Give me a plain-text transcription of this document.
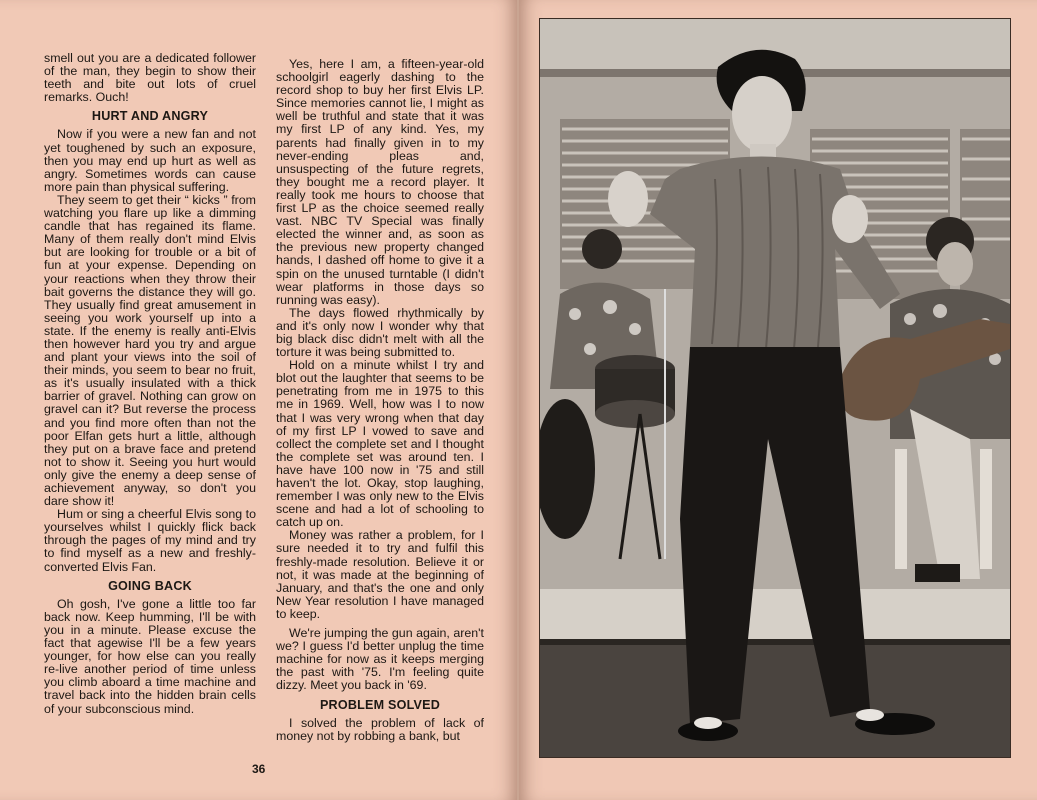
smell out you are a dedicated follower of the man, they begin to show their teeth and bite out lots of cruel remarks. Ouch!

HURT AND ANGRY

Now if you were a new fan and not yet toughened by such an exposure, then you may end up hurt as well as angry. Sometimes words can cause more pain than physical suffering.

They seem to get their “ kicks ” from watching you flare up like a dimming candle that has regained its flame. Many of them really don't mind Elvis but are looking for trouble or a bit of fun at your expense. Depending on your reactions when they throw their bait governs the distance they will go. They usually find great amusement in seeing you work yourself up into a state. If the enemy is really anti-Elvis then however hard you try and argue and plant your views into the soil of their minds, you seem to bear no fruit, as it's usually insulated with a thick barrier of gravel. Nothing can grow on gravel can it? But reverse the process and you find more often than not the poor Elfan gets hurt a little, although they put on a brave face and pretend not to show it. Seeing you hurt would only give the enemy a deep sense of achievement anyway, so don't you dare show it!

Hum or sing a cheerful Elvis song to yourselves whilst I quickly flick back through the pages of my mind and try to find myself as a new and freshly-converted Elvis Fan.

GOING BACK

Oh gosh, I've gone a little too far back now. Keep humming, I'll be with you in a minute. Please excuse the fact that agewise I'll be a few years younger, for how else can you really re-live another period of time unless you climb aboard a time machine and travel back into the hidden brain cells of your subconscious mind.

Yes, here I am, a fifteen-year-old schoolgirl eagerly dashing to the record shop to buy her first Elvis LP. Since memories cannot lie, I might as well be truthful and state that it was my first LP of any kind. Yes, my parents had finally given in to my never-ending pleas and, unsuspecting of the future regrets, they bought me a record player. It really took me hours to choose that first LP as the choice seemed really vast. NBC TV Special was finally elected the winner and, as soon as the previous new property changed hands, I dashed off home to give it a spin on the unused turntable (I didn't wear platforms in those days so running was easy).

The days flowed rhythmically by and it's only now I wonder why that big black disc didn't melt with all the torture it was being submitted to.

Hold on a minute whilst I try and blot out the laughter that seems to be penetrating from me in 1975 to this me in 1969. Well, how was I to now that I was very wrong when that day of my first LP I vowed to save and collect the complete set and I thought the complete set was around ten. I have have 100 now in '75 and still haven't the lot. Okay, stop laughing, remember I was only new to the Elvis scene and had a lot of schooling to catch up on.

Money was rather a problem, for I sure needed it to try and fulfil this freshly-made resolution. Believe it or not, it was made at the beginning of January, and that's the one and only New Year resolution I have managed to keep.

We're jumping the gun again, aren't we? I guess I'd better unplug the time machine for now as it keeps merging the past with '75. I'm feeling quite dizzy. Meet you back in '69.

PROBLEM SOLVED

I solved the problem of lack of money not by robbing a bank, but

36
